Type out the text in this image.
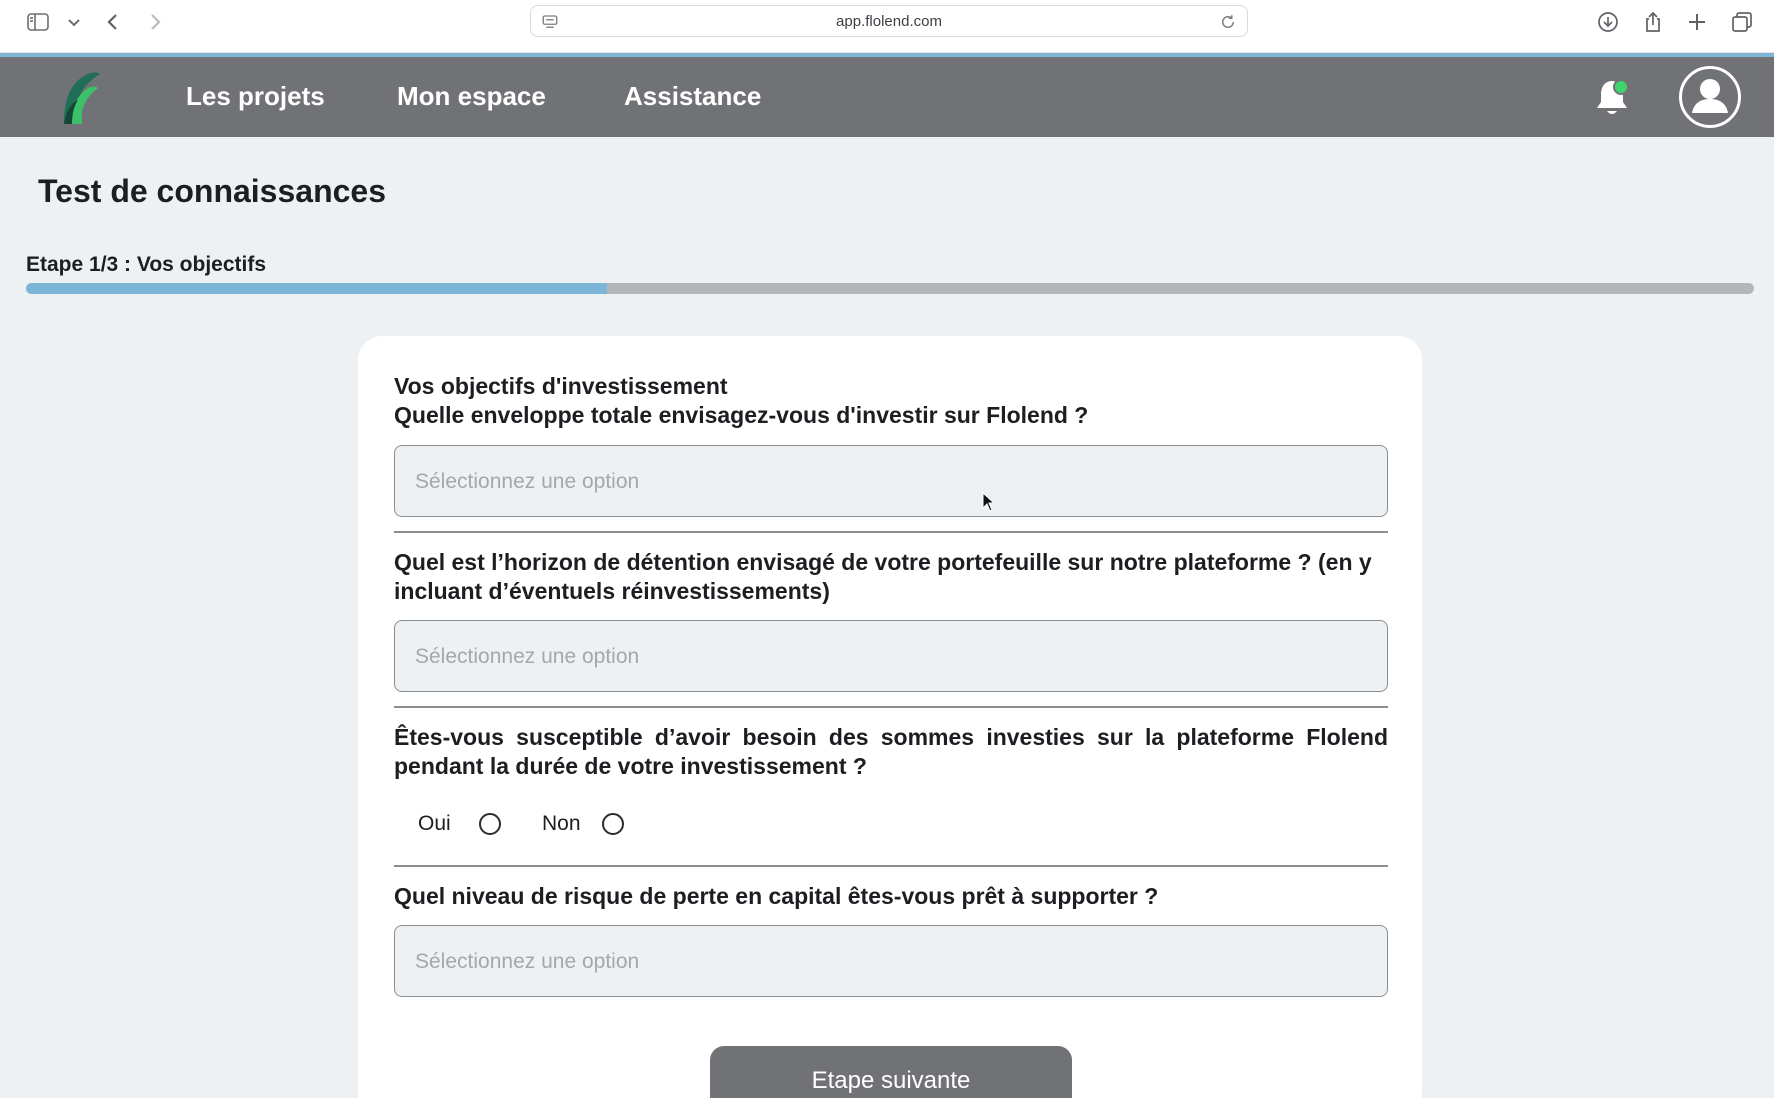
app.flolend.com
Les projets	Mon espace	Assistance
Test de connaissances
Etape 1/3 : Vos objectifs
Vos objectifs d'investissement
Quelle enveloppe totale envisagez-vous d'investir sur Flolend ?
Sélectionnez une option
Quel est l’horizon de détention envisagé de votre portefeuille sur notre plateforme ? (en y incluant d’éventuels réinvestissements)
Sélectionnez une option
Êtes-vous susceptible d’avoir besoin des sommes investies sur la plateforme Flolend pendant la durée de votre investissement ?
Oui	Non
Quel niveau de risque de perte en capital êtes-vous prêt à supporter ?
Sélectionnez une option
Etape suivante
